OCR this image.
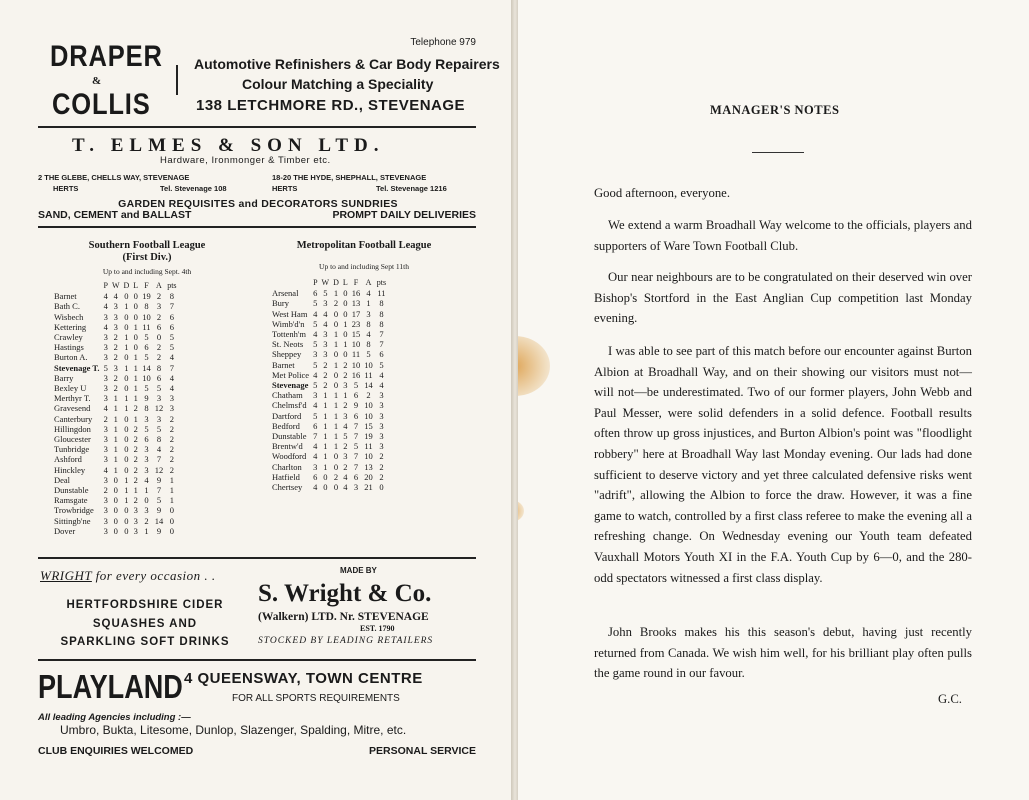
DRAPER
&
COLLIS
Telephone 979
Automotive Refinishers & Car Body Repairers
Colour Matching a Speciality
138 LETCHMORE RD., STEVENAGE
T. ELMES & SON LTD.
Hardware, Ironmonger & Timber etc.
2 THE GLEBE, CHELLS WAY, STEVENAGE
HERTS	Tel. Stevenage 108
18-20 THE HYDE, SHEPHALL, STEVENAGE
HERTS	Tel. Stevenage 1216
GARDEN REQUISITES and DECORATORS SUNDRIES
SAND, CEMENT and BALLAST	PROMPT DAILY DELIVERIES
Southern Football League
(First Div.)
Up to and including Sept. 4th
	P	W	D	L	F	A	pts
Barnet	4	4	0	0	19	2	8
Bath C.	4	3	1	0	8	3	7
Wisbech	3	3	0	0	10	2	6
Kettering	4	3	0	1	11	6	6
Crawley	3	2	1	0	5	0	5
Hastings	3	2	1	0	6	2	5
Burton A.	3	2	0	1	5	2	4
Stevenage T.	5	3	1	1	14	8	7
Barry	3	2	0	1	10	6	4
Bexley U	3	2	0	1	5	5	4
Merthyr T.	3	1	1	1	9	3	3
Gravesend	4	1	1	2	8	12	3
Canterbury	2	1	0	1	3	3	2
Hillingdon	3	1	0	2	5	5	2
Gloucester	3	1	0	2	6	8	2
Tunbridge	3	1	0	2	3	4	2
Ashford	3	1	0	2	3	7	2
Hinckley	4	1	0	2	3	12	2
Deal	3	0	1	2	4	9	1
Dunstable	2	0	1	1	1	7	1
Ramsgate	3	0	1	2	0	5	1
Trowbridge	3	0	0	3	3	9	0
Sittingb'ne	3	0	0	3	2	14	0
Dover	3	0	0	3	1	9	0
Metropolitan Football League
Up to and including Sept 11th
	P	W	D	L	F	A	pts
Arsenal	6	5	1	0	16	4	11
Bury	5	3	2	0	13	1	8
West Ham	4	4	0	0	17	3	8
Wimb'd'n	5	4	0	1	23	8	8
Tottenh'm	4	3	1	0	15	4	7
St. Neots	5	3	1	1	10	8	7
Sheppey	3	3	0	0	11	5	6
Barnet	5	2	1	2	10	10	5
Met Police	4	2	0	2	16	11	4
Stevenage	5	2	0	3	5	14	4
Chatham	3	1	1	1	6	2	3
Chelmsf'd	4	1	1	2	9	10	3
Dartford	5	1	1	3	6	10	3
Bedford	6	1	1	4	7	15	3
Dunstable	7	1	1	5	7	19	3
Brentw'd	4	1	1	2	5	11	3
Woodford	4	1	0	3	7	10	2
Charlton	3	1	0	2	7	13	2
Hatfield	6	0	2	4	6	20	2
Chertsey	4	0	0	4	3	21	0
WRIGHT for every occasion . .	MADE BY
S. Wright & Co.
(Walkern) LTD. Nr. STEVENAGE
EST. 1790
STOCKED BY LEADING RETAILERS
HERTFORDSHIRE CIDER
SQUASHES AND
SPARKLING SOFT DRINKS
PLAYLAND 4 QUEENSWAY, TOWN CENTRE
FOR ALL SPORTS REQUIREMENTS
All leading Agencies including :—
Umbro, Bukta, Litesome, Dunlop, Slazenger, Spalding, Mitre, etc.
CLUB ENQUIRIES WELCOMED	PERSONAL SERVICE
MANAGER'S NOTES
Good afternoon, everyone.
We extend a warm Broadhall Way welcome to the officials, players and supporters of Ware Town Football Club.
Our near neighbours are to be congratulated on their deserved win over Bishop's Stortford in the East Anglian Cup competition last Monday evening.
I was able to see part of this match before our encounter against Burton Albion at Broadhall Way, and on their showing our visitors must not—will not—be underestimated. Two of our former players, John Webb and Paul Messer, were solid defenders in a solid defence. Football results often throw up gross injustices, and Burton Albion's point was "floodlight robbery" here at Broadhall Way last Monday evening. Our lads had done sufficient to deserve victory and yet three calculated defensive risks went "adrift", allowing the Albion to force the draw. However, it was a fine game to watch, controlled by a first class referee to make the evening all a refreshing change. On Wednesday evening our Youth team defeated Vauxhall Motors Youth XI in the F.A. Youth Cup by 6—0, and the 280-odd spectators witnessed a first class display.
John Brooks makes his this season's debut, having just recently returned from Canada. We wish him well, for his brilliant play often pulls the game round in our favour.
G.C.
